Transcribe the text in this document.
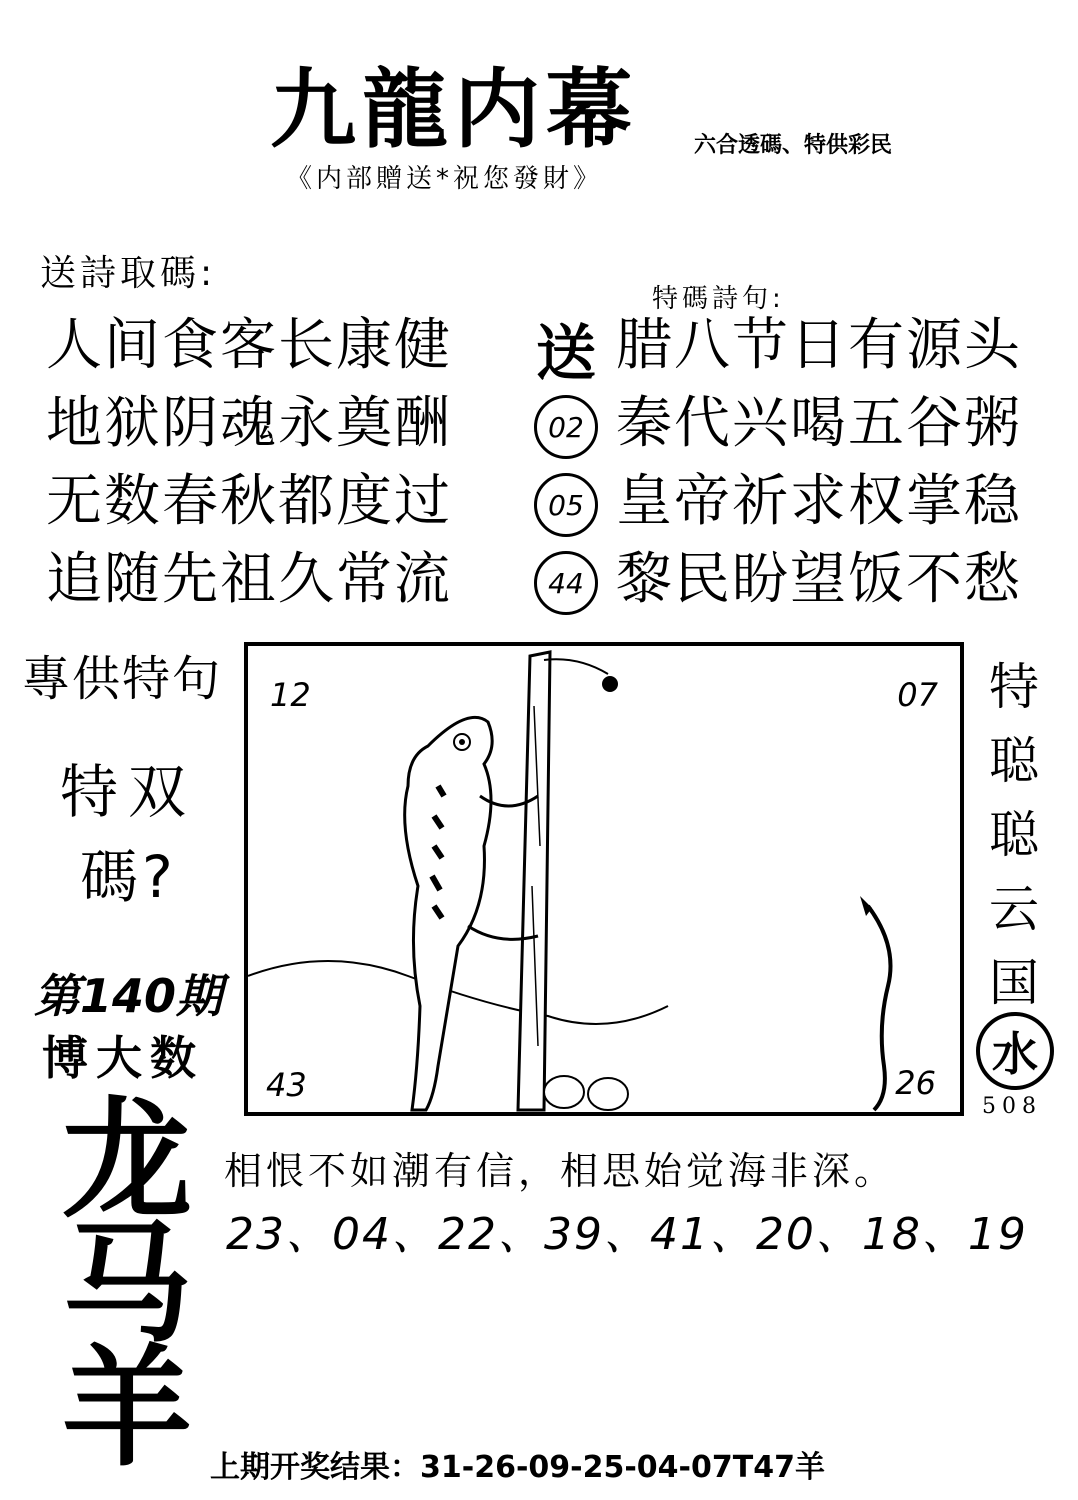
九龍内幕	六合透碼、特供彩民
《内部贈送*祝您發財》
送詩取碼:
特碼詩句:
人间食客长康健
地狱阴魂永奠酬
无数春秋都度过
追随先祖久常流
送
02
05
44
腊八节日有源头
秦代兴喝五谷粥
皇帝祈求权掌稳
黎民盼望饭不愁
專供特句
特双
碼?
第140期
博大数
龙
马
羊
12	07
43	26
特
聪
聪
云
国
水
508
相恨不如潮有信，相思始觉海非深。
23、04、22、39、41、20、18、19
上期开奖结果：31-26-09-25-04-07T47羊
